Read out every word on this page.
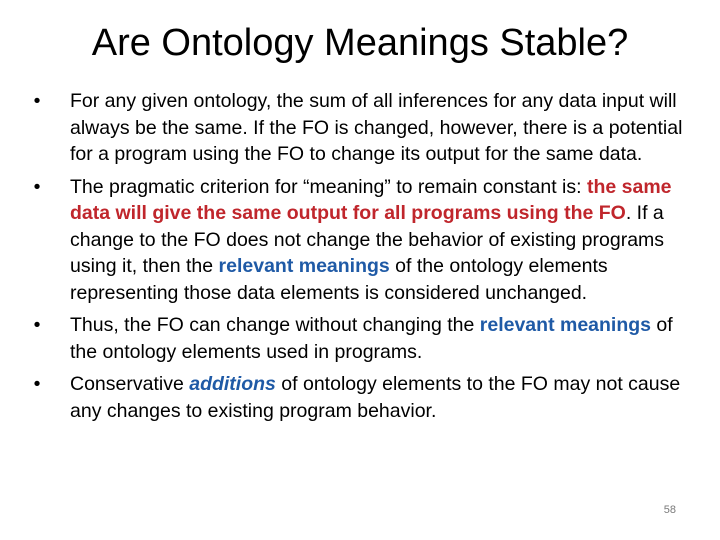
Are Ontology Meanings Stable?
• For any given ontology, the sum of all inferences for any data input will always be the same. If the FO is changed, however, there is a potential for a program using the FO to change its output for the same data.
• The pragmatic criterion for “meaning” to remain constant is: the same data will give the same output for all programs using the FO. If a change to the FO does not change the behavior of existing programs using it, then the relevant meanings of the ontology elements representing those data elements is considered unchanged.
• Thus, the FO can change without changing the relevant meanings of the ontology elements used in programs.
• Conservative additions of ontology elements to the FO may not cause any changes to existing program behavior.
58
